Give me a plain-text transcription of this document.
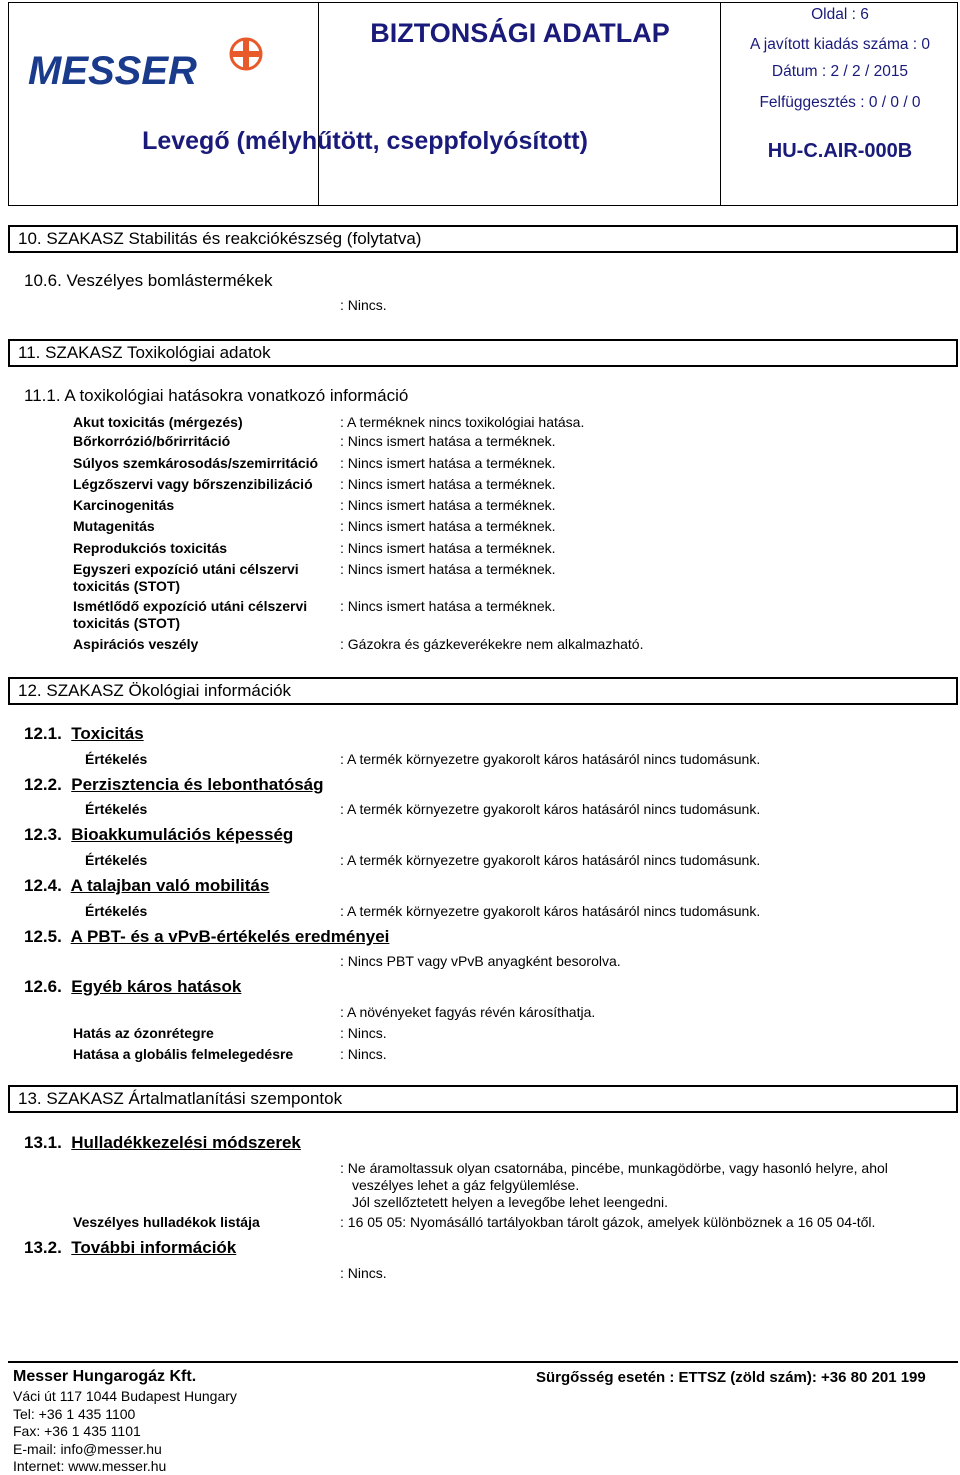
MESSER
BIZTONSÁGI ADATLAP
Levegő (mélyhűtött, cseppfolyósított)
Oldal : 6
A javított kiadás száma : 0
Dátum : 2 / 2 / 2015
Felfüggesztés : 0 / 0 / 0
HU-C.AIR-000B
10. SZAKASZ Stabilitás és reakciókészség (folytatva)
10.6. Veszélyes bomlástermékek
: Nincs.
11. SZAKASZ Toxikológiai adatok
11.1. A toxikológiai hatásokra vonatkozó információ
Akut toxicitás (mérgezés)	: A terméknek nincs toxikológiai hatása.
Bőrkorrózió/bőrirritáció	: Nincs ismert hatása a terméknek.
Súlyos szemkárosodás/szemirritáció : Nincs ismert hatása a terméknek.
Légzőszervi vagy bőrszenzibilizáció : Nincs ismert hatása a terméknek.
Karcinogenitás	: Nincs ismert hatása a terméknek.
Mutagenitás	: Nincs ismert hatása a terméknek.
Reprodukciós toxicitás	: Nincs ismert hatása a terméknek.
Egyszeri expozíció utáni célszervi toxicitás (STOT)
: Nincs ismert hatása a terméknek.
Ismétlődő expozíció utáni célszervi toxicitás (STOT)
: Nincs ismert hatása a terméknek.
Aspirációs veszély	: Gázokra és gázkeverékekre nem alkalmazható.
12. SZAKASZ Ökológiai információk
12.1. Toxicitás
Értékelés	: A termék környezetre gyakorolt káros hatásáról nincs tudomásunk.
12.2. Perzisztencia és lebonthatóság
Értékelés	: A termék környezetre gyakorolt káros hatásáról nincs tudomásunk.
12.3. Bioakkumulációs képesség
Értékelés	: A termék környezetre gyakorolt káros hatásáról nincs tudomásunk.
12.4. A talajban való mobilitás
Értékelés	: A termék környezetre gyakorolt káros hatásáról nincs tudomásunk.
12.5. A PBT- és a vPvB-értékelés eredményei
: Nincs PBT vagy vPvB anyagként besorolva.
12.6. Egyéb káros hatások
: A növényeket fagyás révén károsíthatja.
Hatás az ózonrétegre	: Nincs.
Hatása a globális felmelegedésre	: Nincs.
13. SZAKASZ Ártalmatlanítási szempontok
13.1. Hulladékkezelési módszerek
: Ne áramoltassuk olyan csatornába, pincébe, munkagödörbe, vagy hasonló helyre, ahol
veszélyes lehet a gáz felgyülemlése.
Jól szellőztetett helyen a levegőbe lehet leengedni.
Veszélyes hulladékok listája	: 16 05 05: Nyomásálló tartályokban tárolt gázok, amelyek különböznek a 16 05 04-től.
13.2. További információk
: Nincs.
Messer Hungarogáz Kft.
Váci út 117 1044 Budapest Hungary
Tel: +36 1 435 1100
Fax: +36 1 435 1101
E-mail: info@messer.hu
Internet: www.messer.hu
Sürgősség esetén : ETTSZ (zöld szám): +36 80 201 199
